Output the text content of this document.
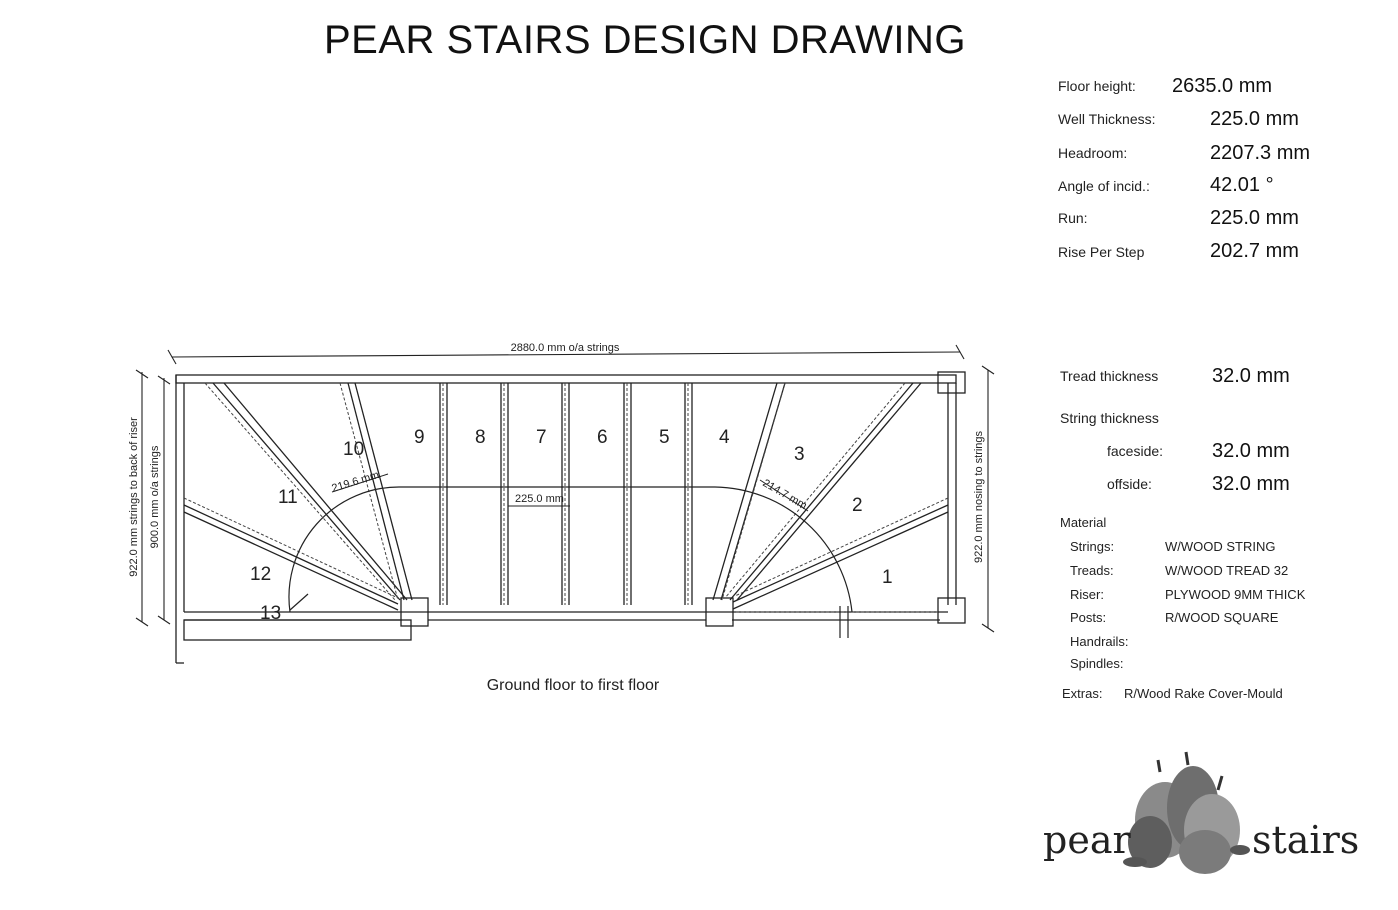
PEAR STAIRS DESIGN DRAWING
Floor height: 2635.0 mm
Well Thickness:	225.0 mm
Headroom:	2207.3 mm
Angle of incid.:	42.01 °
Run:	225.0 mm
Rise Per Step	202.7 mm
Tread thickness	32.0 mm
String thickness
faceside: 32.0 mm
offside:	32.0 mm
Material
Strings:	W/WOOD STRING
Treads:	W/WOOD TREAD 32
Riser:	PLYWOOD 9MM THICK
Posts:	R/WOOD SQUARE
Handrails:
Spindles:
Extras: R/Wood Rake Cover-Mould
2880.0 mm o/a strings
922.0 mm strings to back of riser 900.0 mm o/a strings	922.0 mm nosing to strings
219.6 mm
225.0 mm	214.7 mm
Ground floor to first floor
1
2
3
4
5
6
7
8
9
10
11
12
13
pear	stairs
